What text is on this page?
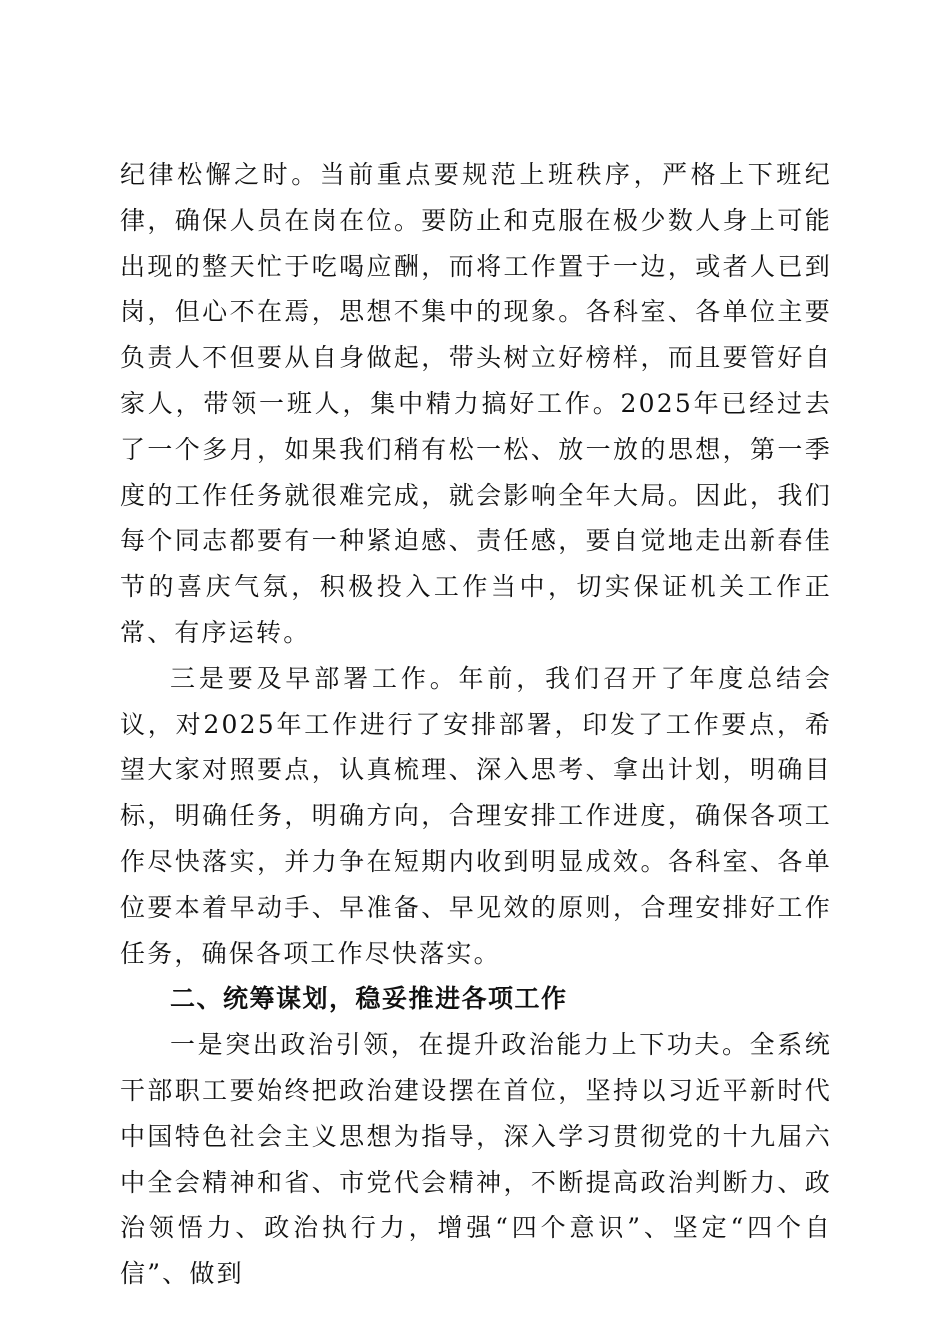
纪律松懈之时。当前重点要规范上班秩序，严格上下班纪律，确保人员在岗在位。要防止和克服在极少数人身上可能出现的整天忙于吃喝应酬，而将工作置于一边，或者人已到岗，但心不在焉，思想不集中的现象。各科室、各单位主要负责人不但要从自身做起，带头树立好榜样，而且要管好自家人，带领一班人，集中精力搞好工作。2025年已经过去了一个多月，如果我们稍有松一松、放一放的思想，第一季度的工作任务就很难完成，就会影响全年大局。因此，我们每个同志都要有一种紧迫感、责任感，要自觉地走出新春佳节的喜庆气氛，积极投入工作当中，切实保证机关工作正常、有序运转。

三是要及早部署工作。年前，我们召开了年度总结会议，对2025年工作进行了安排部署，印发了工作要点，希望大家对照要点，认真梳理、深入思考、拿出计划，明确目标，明确任务，明确方向，合理安排工作进度，确保各项工作尽快落实，并力争在短期内收到明显成效。各科室、各单位要本着早动手、早准备、早见效的原则，合理安排好工作任务，确保各项工作尽快落实。

二、统筹谋划，稳妥推进各项工作

一是突出政治引领，在提升政治能力上下功夫。全系统干部职工要始终把政治建设摆在首位，坚持以习近平新时代中国特色社会主义思想为指导，深入学习贯彻党的十九届六中全会精神和省、市党代会精神，不断提高政治判断力、政治领悟力、政治执行力，增强“四个意识”、坚定“四个自信”、做到
